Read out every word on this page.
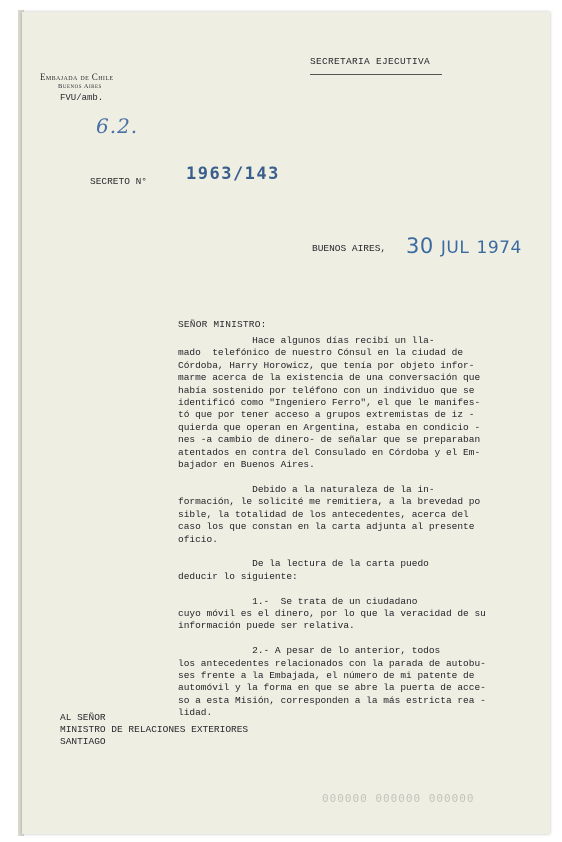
SECRETARIA EJECUTIVA
Embajada de Chile
Buenos Aires
FVU/amb.
6.2.
SECRETO N° 1963/143
BUENOS AIRES, 30 JUL 1974
SEÑOR MINISTRO:
Hace algunos días recibí un lla-
mado  telefónico de nuestro Cónsul en la ciudad de
Córdoba, Harry Horowicz, que tenía por objeto infor-
marme acerca de la existencia de una conversación que
había sostenido por teléfono con un individuo que se
identificó como "Ingeniero Ferro", el que le manifes-
tó que por tener acceso a grupos extremistas de iz -
quierda que operan en Argentina, estaba en condicio -
nes -a cambio de dinero- de señalar que se preparaban
atentados en contra del Consulado en Córdoba y el Em-
bajador en Buenos Aires.

Debido a la naturaleza de la in-
formación, le solicité me remitiera, a la brevedad po
sible, la totalidad de los antecedentes, acerca del
caso los que constan en la carta adjunta al presente
oficio.

De la lectura de la carta puedo
deducir lo siguiente:

1.-  Se trata de un ciudadano
cuyo móvil es el dinero, por lo que la veracidad de su
información puede ser relativa.

2.- A pesar de lo anterior, todos
los antecedentes relacionados con la parada de autobu-
ses frente a la Embajada, el número de mi patente de
automóvil y la forma en que se abre la puerta de acce-
so a esta Misión, corresponden a la más estricta rea -
lidad.
AL SEÑOR
MINISTRO DE RELACIONES EXTERIORES
SANTIAGO
000000 000000 000000
